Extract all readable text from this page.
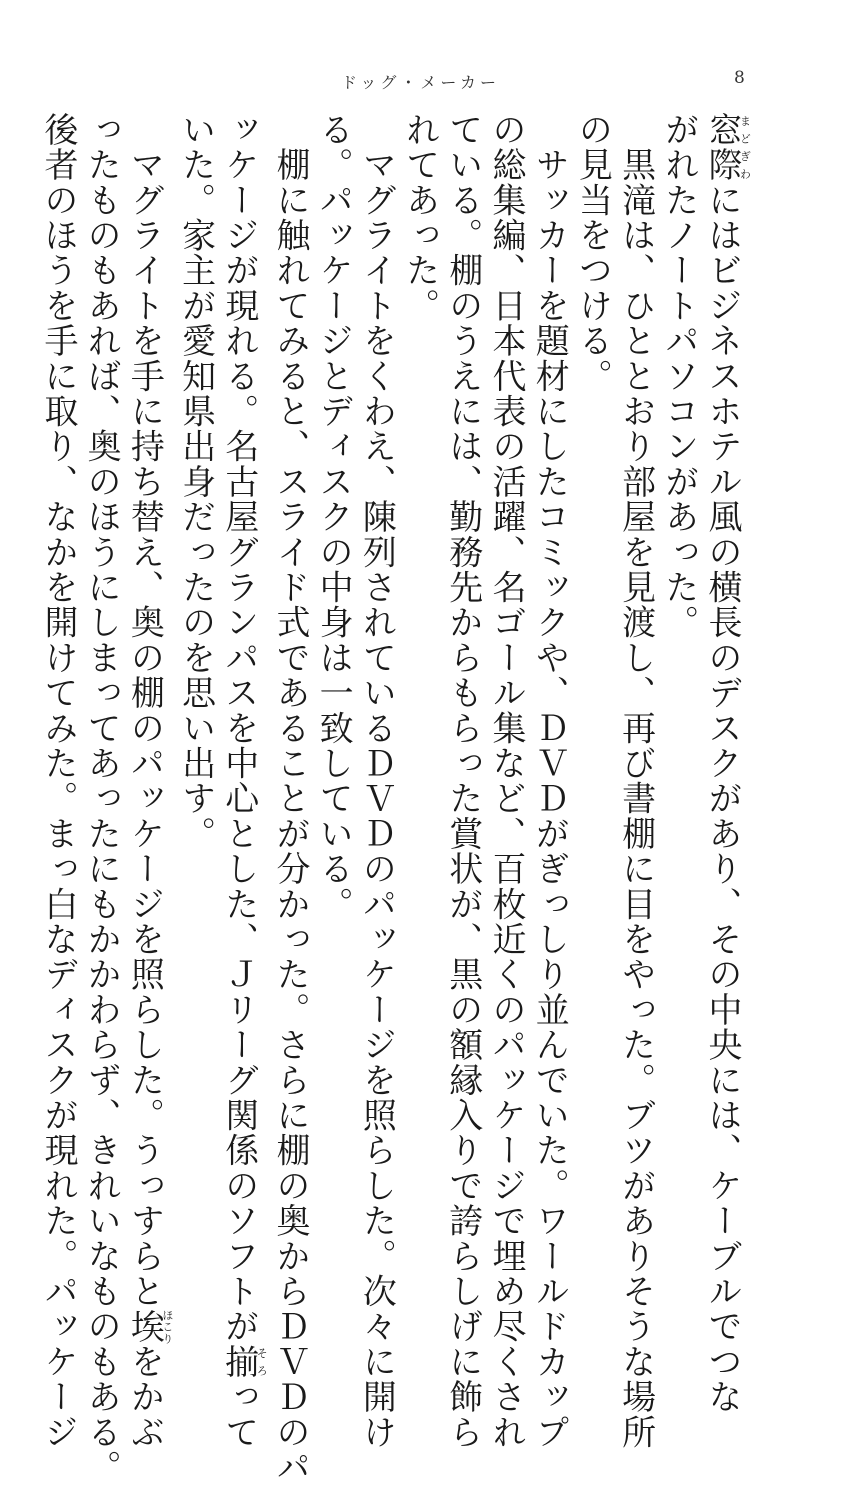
ドッグ・メーカー	8
窓際まどぎわにはビジネスホテル風の横長のデスクがあり、その中央には、ケーブルでつな
がれたノートパソコンがあった。
　黒滝は、ひととおり部屋を見渡し、再び書棚に目をやった。ブツがありそうな場所
の見当をつける。
　サッカーを題材にしたコミックや、ＤＶＤがぎっしり並んでいた。ワールドカップ
の総集編、日本代表の活躍、名ゴール集など、百枚近くのパッケージで埋め尽くされ
ている。棚のうえには、勤務先からもらった賞状が、黒の額縁入りで誇らしげに飾ら
れてあった。
　マグライトをくわえ、陳列されているＤＶＤのパッケージを照らした。次々に開け
る。パッケージとディスクの中身は一致している。
　棚に触れてみると、スライド式であることが分かった。さらに棚の奥からＤＶＤのパ
ッケージが現れる。名古屋グランパスを中心とした、Ｊリーグ関係のソフトが揃そろって
いた。家主が愛知県出身だったのを思い出す。
　マグライトを手に持ち替え、奥の棚のパッケージを照らした。うっすらと埃ほこりをかぶ
ったものもあれば、奥のほうにしまってあったにもかかわらず、きれいなものもある。
後者のほうを手に取り、なかを開けてみた。まっ白なディスクが現れた。パッケージ
